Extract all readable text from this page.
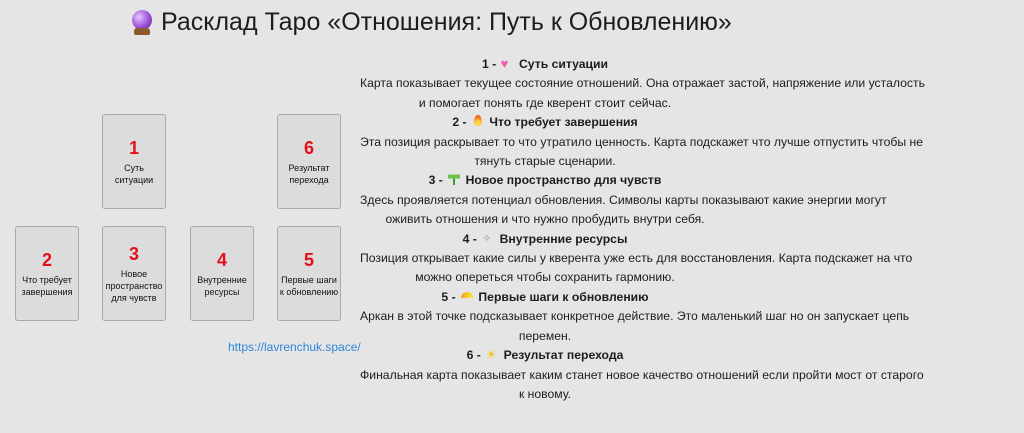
Расклад Таро «Отношения: Путь к Обновлению»
1
Суть
ситуации
6
Результат
перехода
2
Что требует
завершения
3
Новое
пространство
для чувств
4
Внутренние
ресурсы
5
Первые шаги
к обновлению
https://lavrenchuk.space/
1 - ♥ Суть ситуации
Карта показывает текущее состояние отношений. Она отражает застой, напряжение или усталость
и помогает понять где кверент стоит сейчас.
2 - Что требует завершения
Эта позиция раскрывает то что утратило ценность. Карта подскажет что лучше отпустить чтобы не
тянуть старые сценарии.
3 - Новое пространство для чувств
Здесь проявляется потенциал обновления. Символы карты показывают какие энергии могут
оживить отношения и что нужно пробудить внутри себя.
4 - ✧ Внутренние ресурсы
Позиция открывает какие силы у кверента уже есть для восстановления. Карта подскажет на что
можно опереться чтобы сохранить гармонию.
5 - Первые шаги к обновлению
Аркан в этой точке подсказывает конкретное действие. Это маленький шаг но он запускает цепь
перемен.
6 - ☀ Результат перехода
Финальная карта показывает каким станет новое качество отношений если пройти мост от старого
к новому.
